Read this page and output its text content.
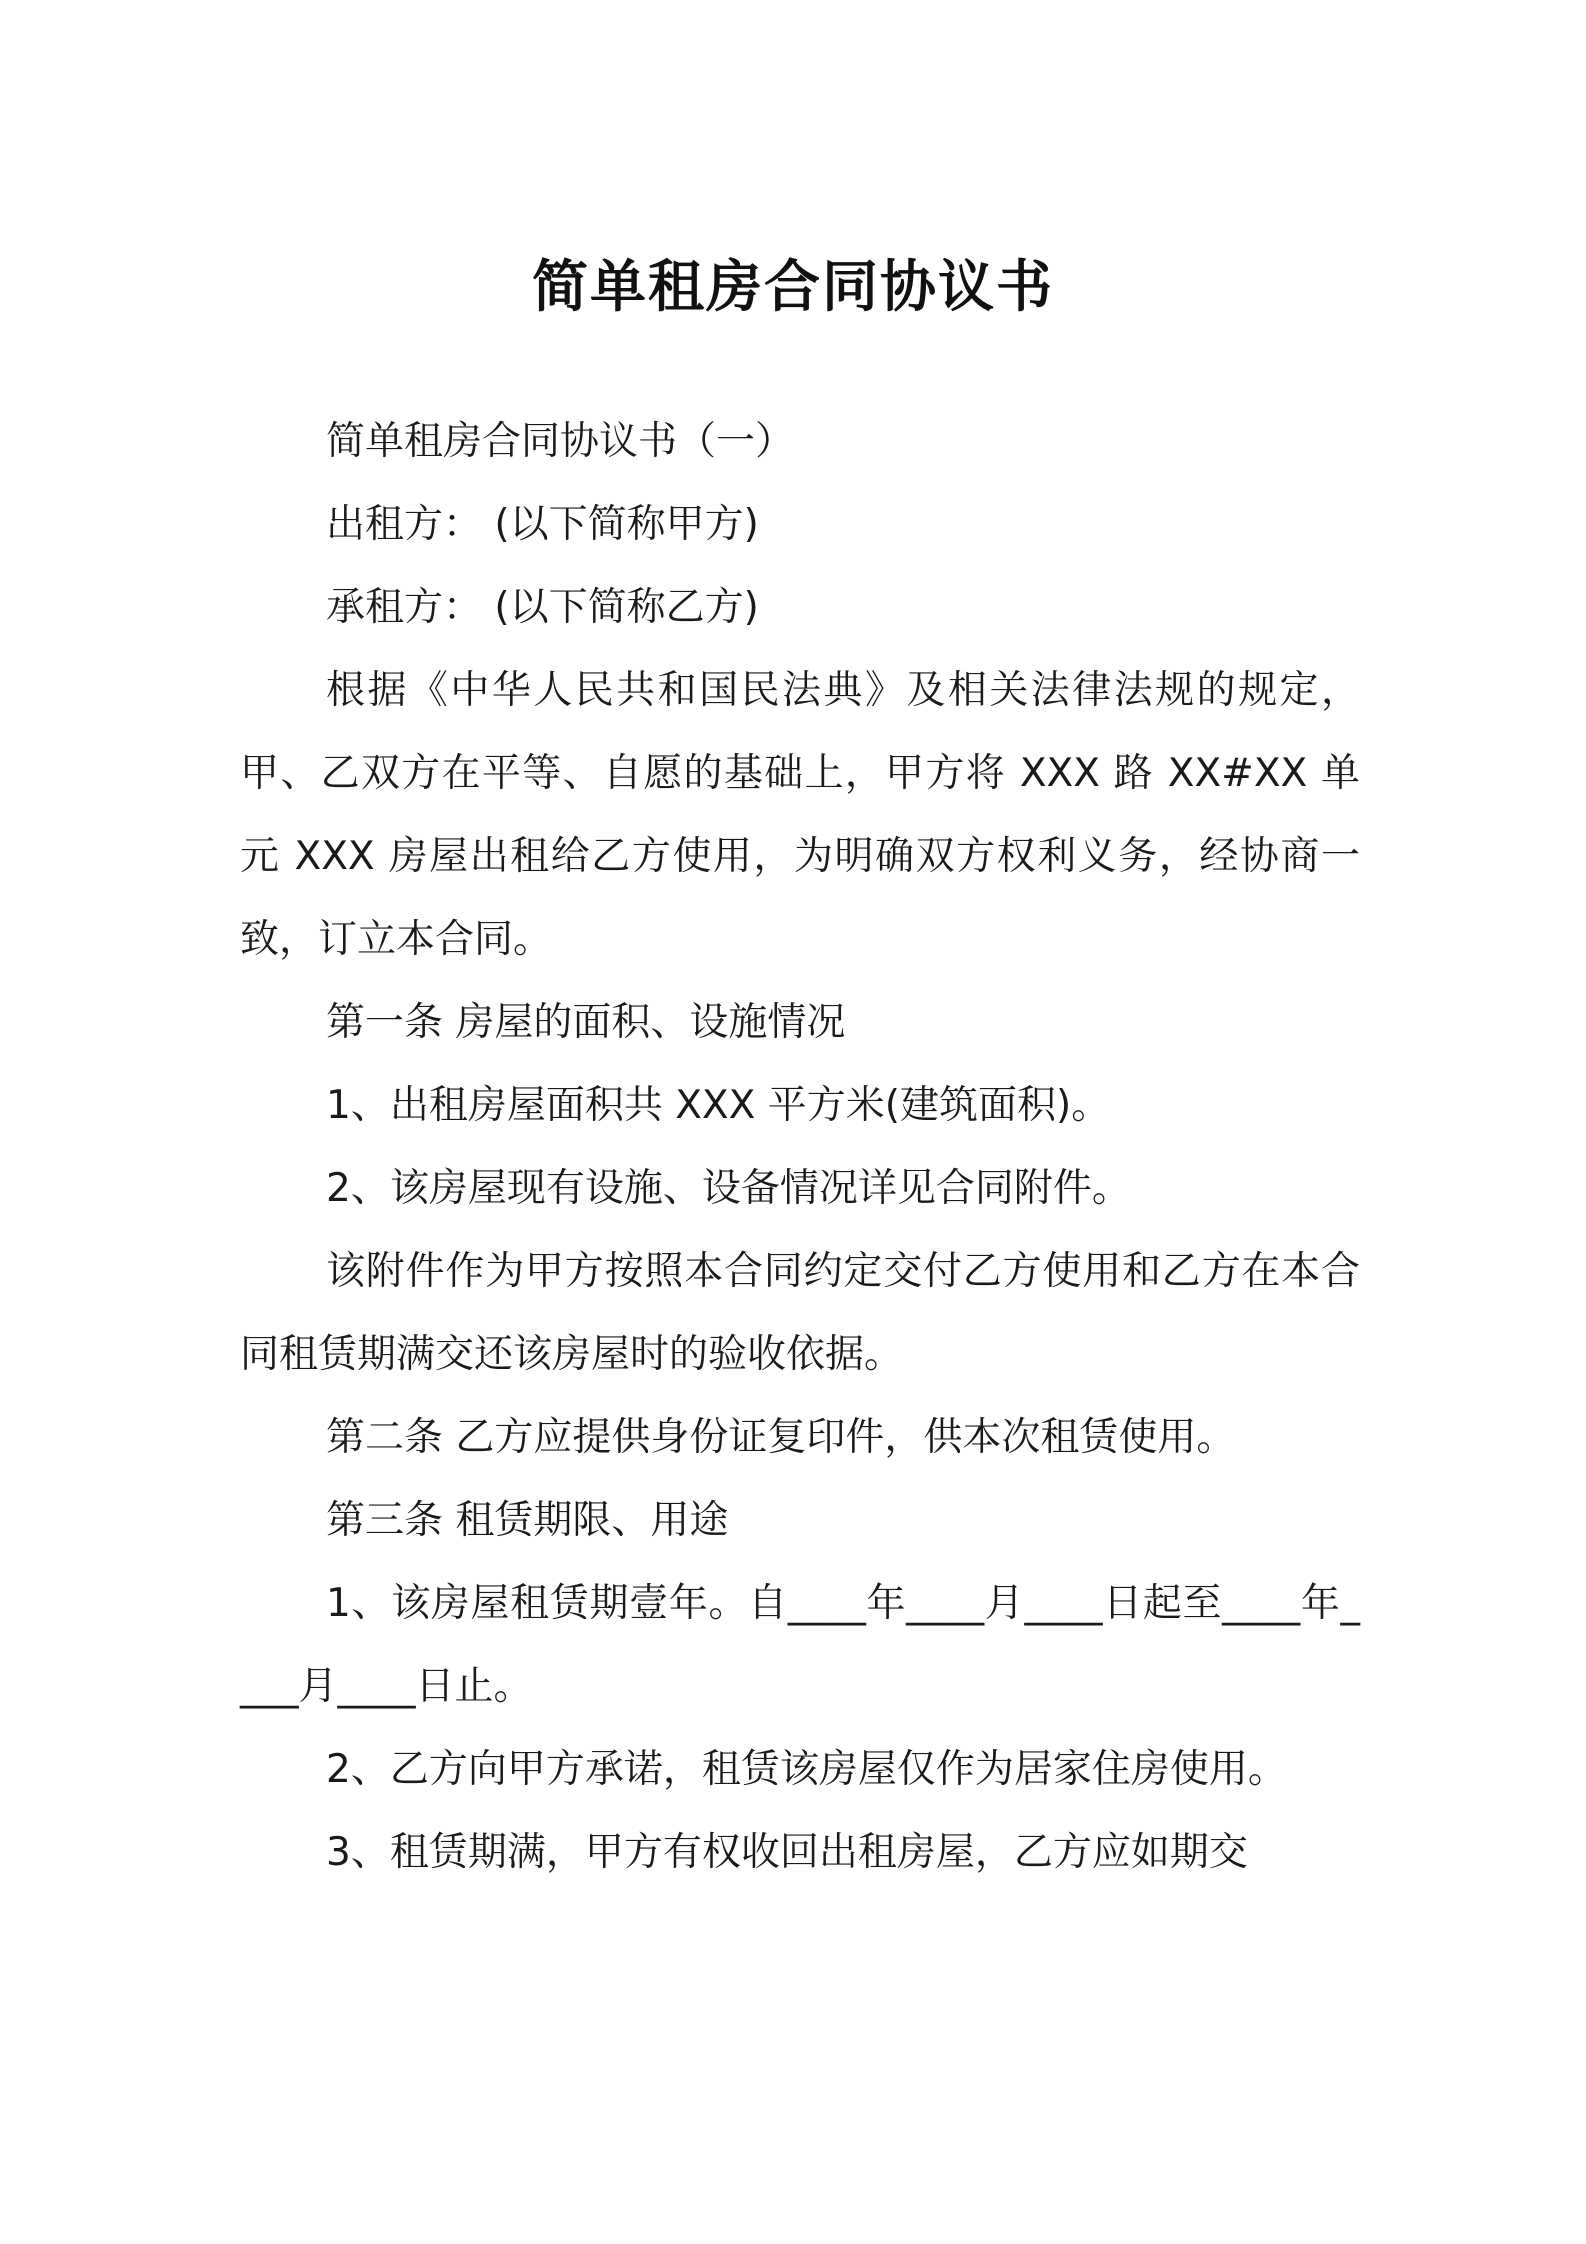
简单租房合同协议书

简单租房合同协议书（一）

出租方： (以下简称甲方)

承租方： (以下简称乙方)

根据《中华人民共和国民法典》及相关法律法规的规定，甲、乙双方在平等、自愿的基础上，甲方将 XXX 路 XX#XX 单元 XXX 房屋出租给乙方使用，为明确双方权利义务，经协商一致，订立本合同。

第一条 房屋的面积、设施情况

1、出租房屋面积共 XXX 平方米(建筑面积)。

2、该房屋现有设施、设备情况详见合同附件。

该附件作为甲方按照本合同约定交付乙方使用和乙方在本合同租赁期满交还该房屋时的验收依据。

第二条 乙方应提供身份证复印件，供本次租赁使用。

第三条 租赁期限、用途

1、该房屋租赁期壹年。自____年____月____日起至____年____月____日止。

2、乙方向甲方承诺，租赁该房屋仅作为居家住房使用。

3、租赁期满，甲方有权收回出租房屋，乙方应如期交
